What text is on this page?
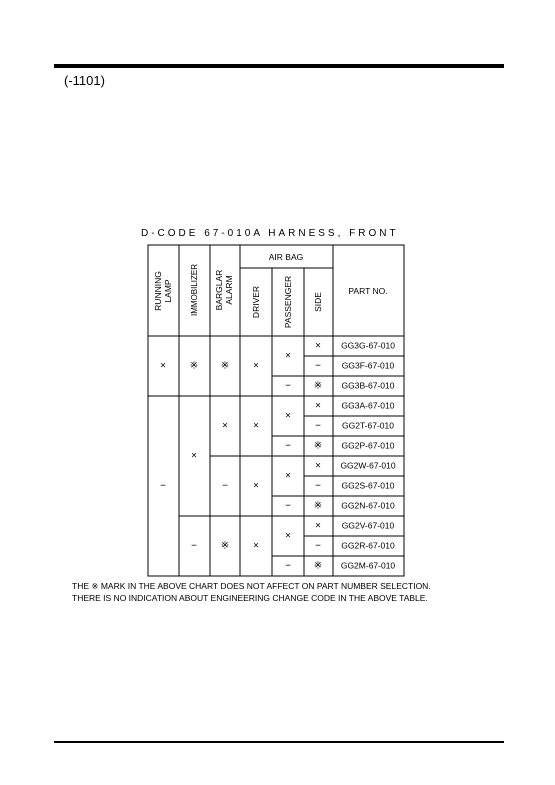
(-1101)
D-CODE 67-010A HARNESS, FRONT
AIR BAG
PART NO.
RUNNING LAMP IMMOBILIZER BARGLAR ALARM DRIVER	PASSENGER SIDE
GG3G-67-010
GG3F-67-010
GG3B-67-010
GG3A-67-010
GG2T-67-010
GG2P-67-010
GG2W-67-010
GG2S-67-010
GG2N-67-010
GG2V-67-010
GG2R-67-010
GG2M-67-010
×
−
※
×
−
※
×
−
※
×
−
※
×
−
×
−
×
−
×
−
×
×
×
×
※
×
−
※
※
×
−
×
−
THE ※ MARK IN THE ABOVE CHART DOES NOT AFFECT ON PART NUMBER SELECTION.
THERE IS NO INDICATION ABOUT ENGINEERING CHANGE CODE IN THE ABOVE TABLE.
